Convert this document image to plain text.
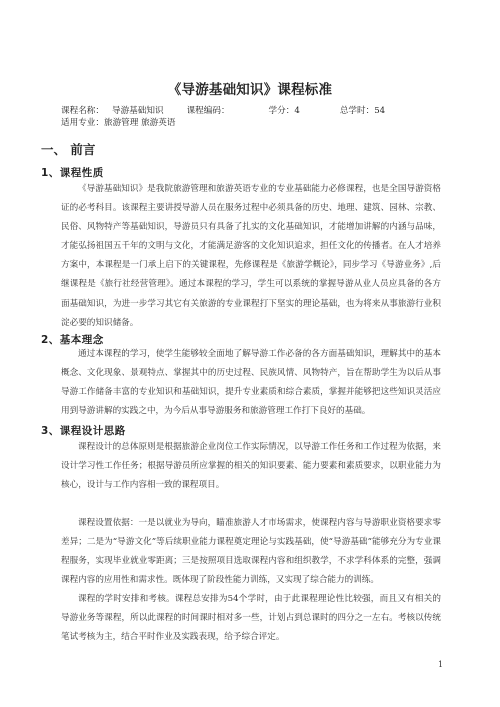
《导游基础知识》课程标准
课程名称： 导游基础知识	课程编码：	学分：4	总学时：54
适用专业：旅游管理 旅游英语
一、 前言
1、课程性质

《导游基础知识》是我院旅游管理和旅游英语专业的专业基础能力必修课程，也是全国导游资格证的必考科目。该课程主要讲授导游人员在服务过程中必须具备的历史、地理、建筑、园林、宗教、民俗、风物特产等基础知识，导游员只有具备了扎实的文化基础知识，才能增加讲解的内涵与品味，才能弘扬祖国五千年的文明与文化，才能满足游客的文化知识追求，担任文化的传播者。在人才培养方案中，本课程是一门承上启下的关键课程，先修课程是《旅游学概论》，同步学习《导游业务》,后继课程是《旅行社经营管理》。通过本课程的学习，学生可以系统的掌握导游从业人员应具备的各方面基础知识，为进一步学习其它有关旅游的专业课程打下坚实的理论基础，也为将来从事旅游行业积淀必要的知识储备。

2、基本理念

通过本课程的学习，使学生能够较全面地了解导游工作必备的各方面基础知识，理解其中的基本概念、文化现象、景观特点、掌握其中的历史过程、民族风情、风物特产，旨在帮助学生为以后从事导游工作储备丰富的专业知识和基础知识，提升专业素质和综合素质，掌握并能够把这些知识灵活应用到导游讲解的实践之中，为今后从事导游服务和旅游管理工作打下良好的基础。

3、课程设计思路

课程设计的总体原则是根据旅游企业岗位工作实际情况，以导游工作任务和工作过程为依据，来设计学习性工作任务；根据导游员所应掌握的相关的知识要素、能力要素和素质要求，以职业能力为核心，设计与工作内容相一致的课程项目。

课程设置依据：一是以就业为导向，瞄准旅游人才市场需求，使课程内容与导游职业资格要求零差异；二是为“导游文化”等后续职业能力课程奠定理论与实践基础，使“导游基础”能够充分为专业课程服务，实现毕业就业零距离；三是按照项目选取课程内容和组织教学，不求学科体系的完整，强调课程内容的应用性和需求性。既体现了阶段性能力训练，又实现了综合能力的训练。

课程的学时安排和考核。课程总安排为54个学时，由于此课程理论性比较强，而且又有相关的导游业务等课程，所以此课程的时间课时相对多一些，计划占到总课时的四分之一左右。考核以传统笔试考核为主，结合平时作业及实践表现，给予综合评定。

1
